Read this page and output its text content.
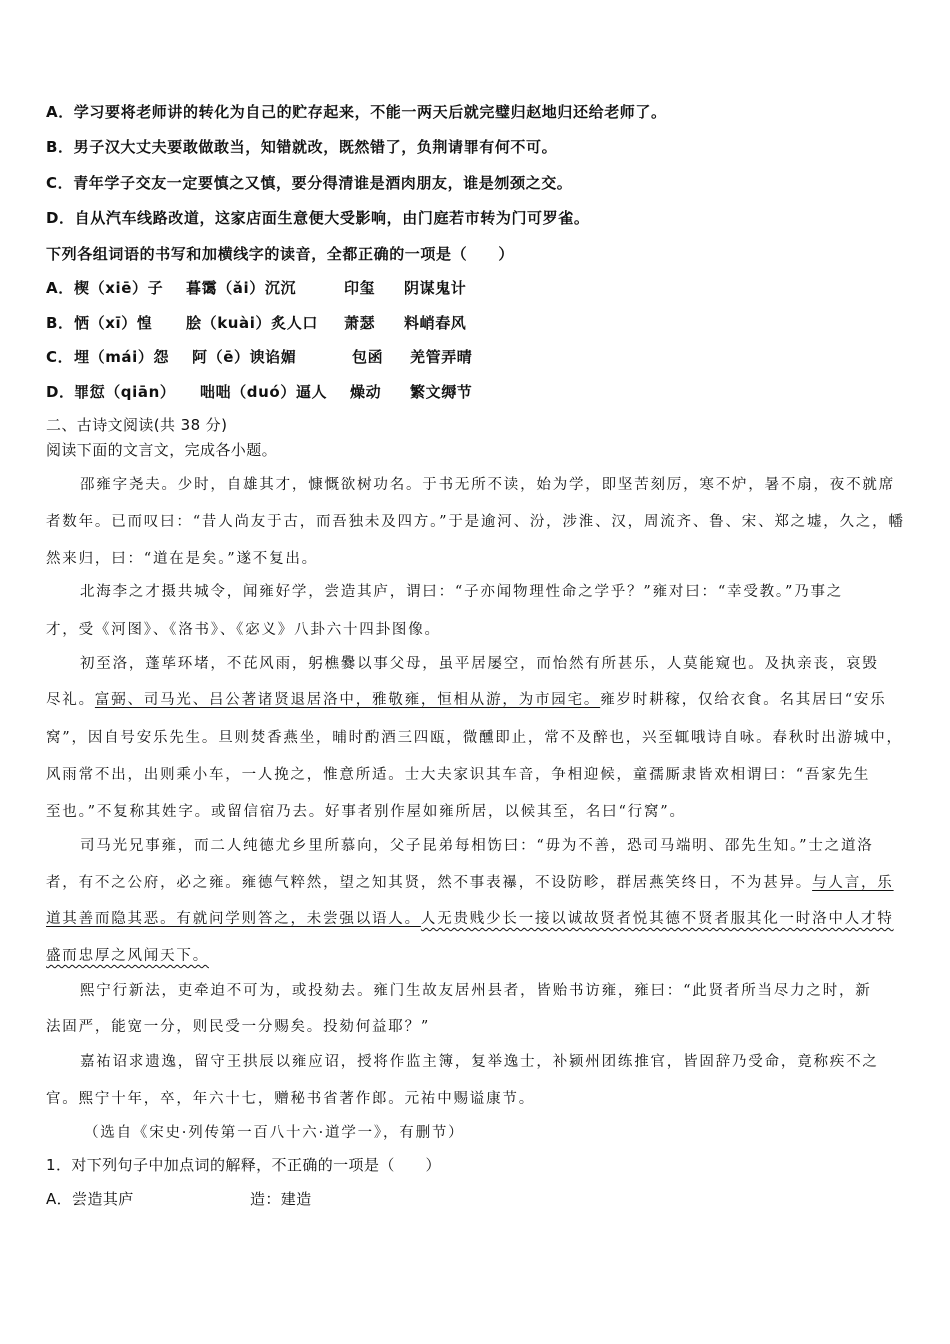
A．学习要将老师讲的转化为自己的贮存起来，不能一两天后就完璧归赵地归还给老师了。
B．男子汉大丈夫要敢做敢当，知错就改，既然错了，负荆请罪有何不可。
C．青年学子交友一定要慎之又慎，要分得清谁是酒肉朋友，谁是刎颈之交。
D．自从汽车线路改道，这家店面生意便大受影响，由门庭若市转为门可罗雀。
下列各组词语的书写和加横线字的读音，全都正确的一项是（　　）
A．楔（xiē）子 暮霭（ǎi）沉沉	印玺 阴谋鬼计
B．恓（xī）惶 脍（kuài）炙人口 萧瑟 料峭春风
C．埋（mái）怨 阿（ē）谀谄媚	包函 羌管弄晴
D．罪愆（qiān） 咄咄（duó）逼人 燥动 繁文缛节
二、古诗文阅读(共 38 分)
阅读下面的文言文，完成各小题。
邵雍字尧夫。少时，自雄其才，慷慨欲树功名。于书无所不读，始为学，即坚苦刻厉，寒不炉，暑不扇，夜不就席
者数年。已而叹曰：“昔人尚友于古，而吾独未及四方。”于是逾河、汾，涉淮、汉，周流齐、鲁、宋、郑之墟，久之，幡
然来归，曰：“道在是矣。”遂不复出。
北海李之才摄共城令，闻雍好学，尝造其庐，谓曰：“子亦闻物理性命之学乎？”雍对曰：“幸受教。”乃事之
才，受《河图》、《洛书》、《宓义》八卦六十四卦图像。
初至洛，蓬荜环堵，不芘风雨，躬樵爨以事父母，虽平居屡空，而怡然有所甚乐，人莫能窥也。及执亲丧，哀毁
尽礼。富弼、司马光、吕公著诸贤退居洛中，雅敬雍，恒相从游，为市园宅。雍岁时耕稼，仅给衣食。名其居曰“安乐
窝”，因自号安乐先生。旦则焚香燕坐，晡时酌酒三四瓯，微醺即止，常不及醉也，兴至辄哦诗自咏。春秋时出游城中，
风雨常不出，出则乘小车，一人挽之，惟意所适。士大夫家识其车音，争相迎候，童孺厮隶皆欢相谓曰：“吾家先生
至也。”不复称其姓字。或留信宿乃去。好事者别作屋如雍所居，以候其至，名曰“行窝”。
司马光兄事雍，而二人纯德尤乡里所慕向，父子昆弟每相饬曰：“毋为不善，恐司马端明、邵先生知。”士之道洛
者，有不之公府，必之雍。雍德气粹然，望之知其贤，然不事表襮，不设防畛，群居燕笑终日，不为甚异。与人言，乐
道其善而隐其恶。有就问学则答之，未尝强以语人。人无贵贱少长一接以诚故贤者悦其德不贤者服其化一时洛中人才特
盛而忠厚之风闻天下。
熙宁行新法，吏牵迫不可为，或投劾去。雍门生故友居州县者，皆贻书访雍，雍曰：“此贤者所当尽力之时，新
法固严，能宽一分，则民受一分赐矣。投劾何益耶？”
嘉祐诏求遗逸，留守王拱辰以雍应诏，授将作监主簿，复举逸士，补颍州团练推官，皆固辞乃受命，竟称疾不之
官。熙宁十年，卒，年六十七，赠秘书省著作郎。元祐中赐谥康节。
（选自《宋史·列传第一百八十六·道学一》，有删节）
1．对下列句子中加点词的解释，不正确的一项是（　　）
A．尝造其庐	造：建造
